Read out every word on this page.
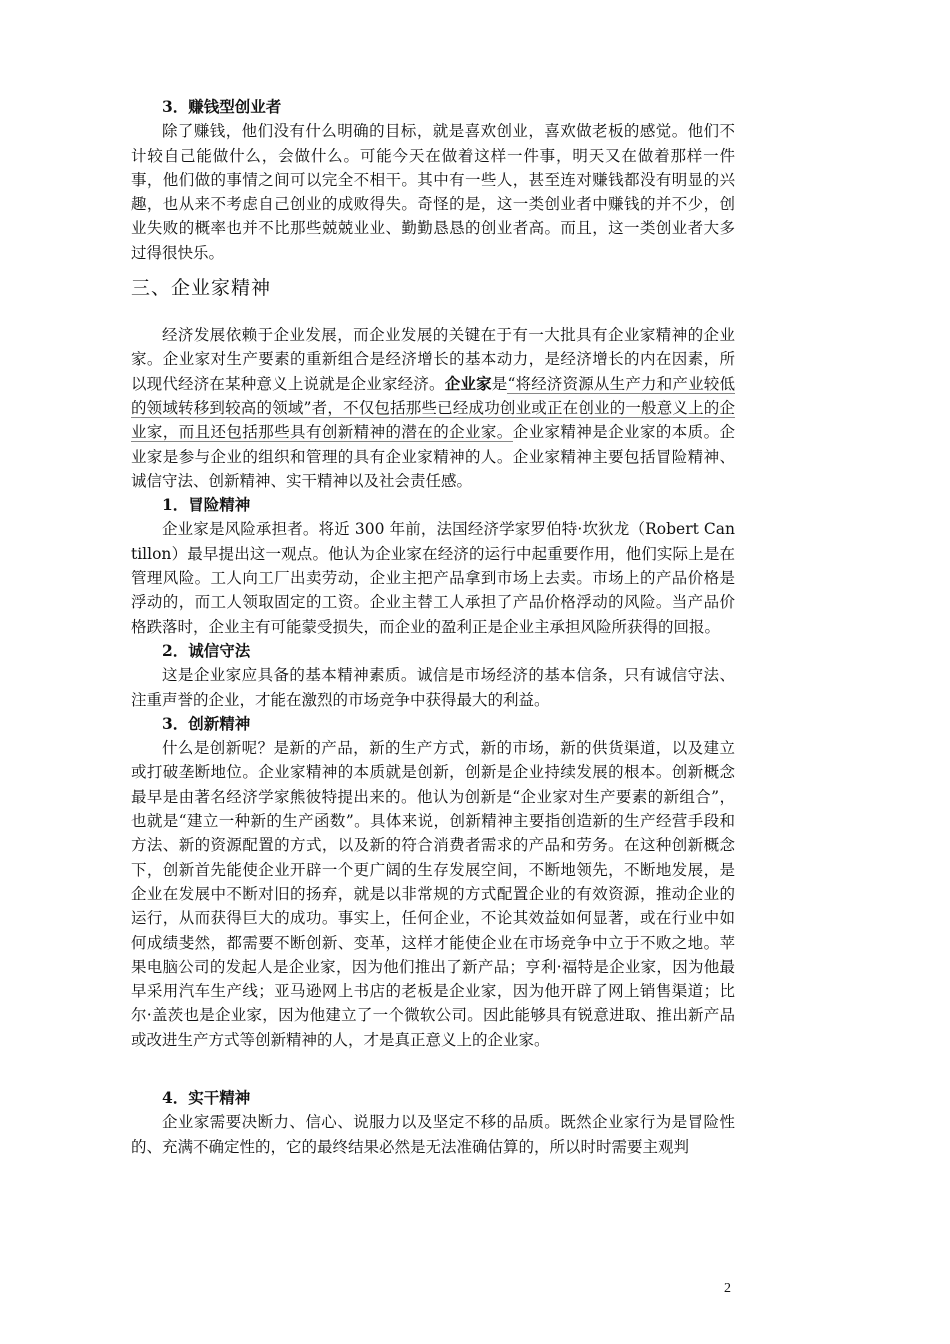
3．赚钱型创业者

除了赚钱，他们没有什么明确的目标，就是喜欢创业，喜欢做老板的感觉。他们不计较自己能做什么，会做什么。可能今天在做着这样一件事，明天又在做着那样一件事，他们做的事情之间可以完全不相干。其中有一些人，甚至连对赚钱都没有明显的兴趣，也从来不考虑自己创业的成败得失。奇怪的是，这一类创业者中赚钱的并不少，创业失败的概率也并不比那些兢兢业业、勤勤恳恳的创业者高。而且，这一类创业者大多过得很快乐。

三、企业家精神

经济发展依赖于企业发展，而企业发展的关键在于有一大批具有企业家精神的企业家。企业家对生产要素的重新组合是经济增长的基本动力，是经济增长的内在因素，所以现代经济在某种意义上说就是企业家经济。企业家是“将经济资源从生产力和产业较低的领域转移到较高的领域”者，不仅包括那些已经成功创业或正在创业的一般意义上的企业家，而且还包括那些具有创新精神的潜在的企业家。企业家精神是企业家的本质。企业家是参与企业的组织和管理的具有企业家精神的人。企业家精神主要包括冒险精神、诚信守法、创新精神、实干精神以及社会责任感。

1．冒险精神

企业家是风险承担者。将近 300 年前，法国经济学家罗伯特·坎狄龙（Robert Cantillon）最早提出这一观点。他认为企业家在经济的运行中起重要作用，他们实际上是在管理风险。工人向工厂出卖劳动，企业主把产品拿到市场上去卖。市场上的产品价格是浮动的，而工人领取固定的工资。企业主替工人承担了产品价格浮动的风险。当产品价格跌落时，企业主有可能蒙受损失，而企业的盈利正是企业主承担风险所获得的回报。

2．诚信守法

这是企业家应具备的基本精神素质。诚信是市场经济的基本信条，只有诚信守法、注重声誉的企业，才能在激烈的市场竞争中获得最大的利益。

3．创新精神

什么是创新呢？是新的产品，新的生产方式，新的市场，新的供货渠道，以及建立或打破垄断地位。企业家精神的本质就是创新，创新是企业持续发展的根本。创新概念最早是由著名经济学家熊彼特提出来的。他认为创新是“企业家对生产要素的新组合”，也就是“建立一种新的生产函数”。具体来说，创新精神主要指创造新的生产经营手段和方法、新的资源配置的方式，以及新的符合消费者需求的产品和劳务。在这种创新概念下，创新首先能使企业开辟一个更广阔的生存发展空间，不断地领先，不断地发展，是企业在发展中不断对旧的扬弃，就是以非常规的方式配置企业的有效资源，推动企业的运行，从而获得巨大的成功。事实上，任何企业，不论其效益如何显著，或在行业中如何成绩斐然，都需要不断创新、变革，这样才能使企业在市场竞争中立于不败之地。苹果电脑公司的发起人是企业家，因为他们推出了新产品；亨利·福特是企业家，因为他最早采用汽车生产线；亚马逊网上书店的老板是企业家，因为他开辟了网上销售渠道；比尔·盖茨也是企业家，因为他建立了一个微软公司。因此能够具有锐意进取、推出新产品或改进生产方式等创新精神的人，才是真正意义上的企业家。

4．实干精神

企业家需要决断力、信心、说服力以及坚定不移的品质。既然企业家行为是冒险性的、充满不确定性的，它的最终结果必然是无法准确估算的，所以时时需要主观判

2
